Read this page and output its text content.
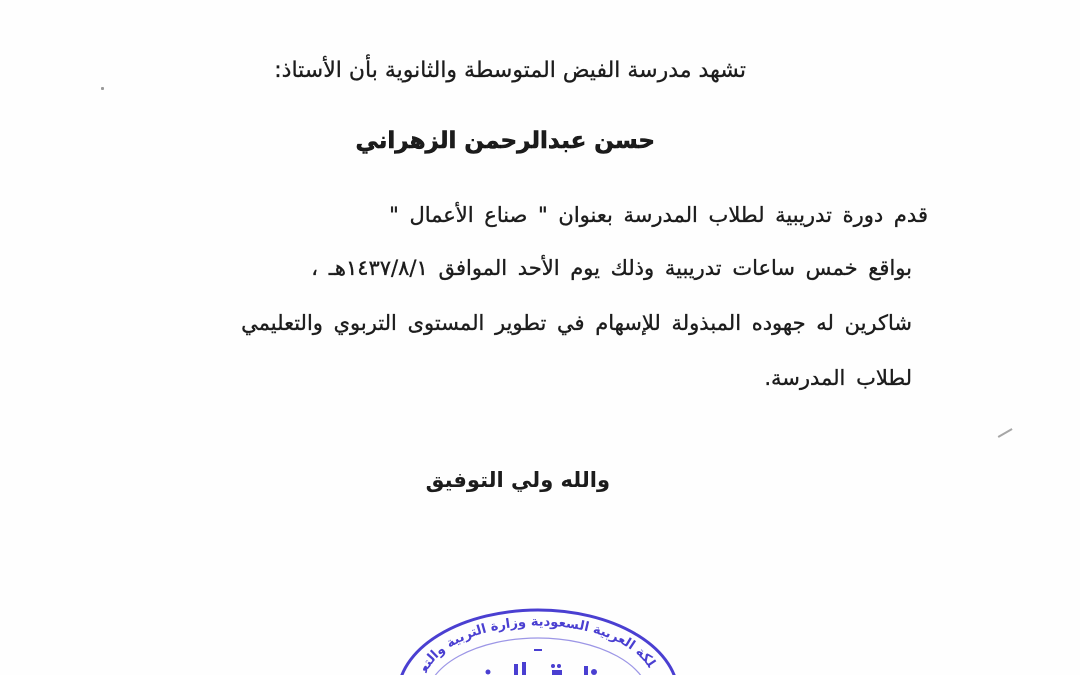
تشهد مدرسة الفيض المتوسطة والثانوية بأن الأستاذ:
حسن عبدالرحمن الزهراني
قدم دورة تدريبية لطلاب المدرسة بعنوان " صناع الأعمال "
بواقع خمس ساعات تدريبية وذلك يوم الأحد الموافق ١٤٣٧/٨/١هـ ،
شاكرين له جهوده المبذولة للإسهام في تطوير المستوى التربوي والتعليمي
لطلاب المدرسة.
والله ولي التوفيق
المملكة العربية السعودية وزارة التربية والتعليم
